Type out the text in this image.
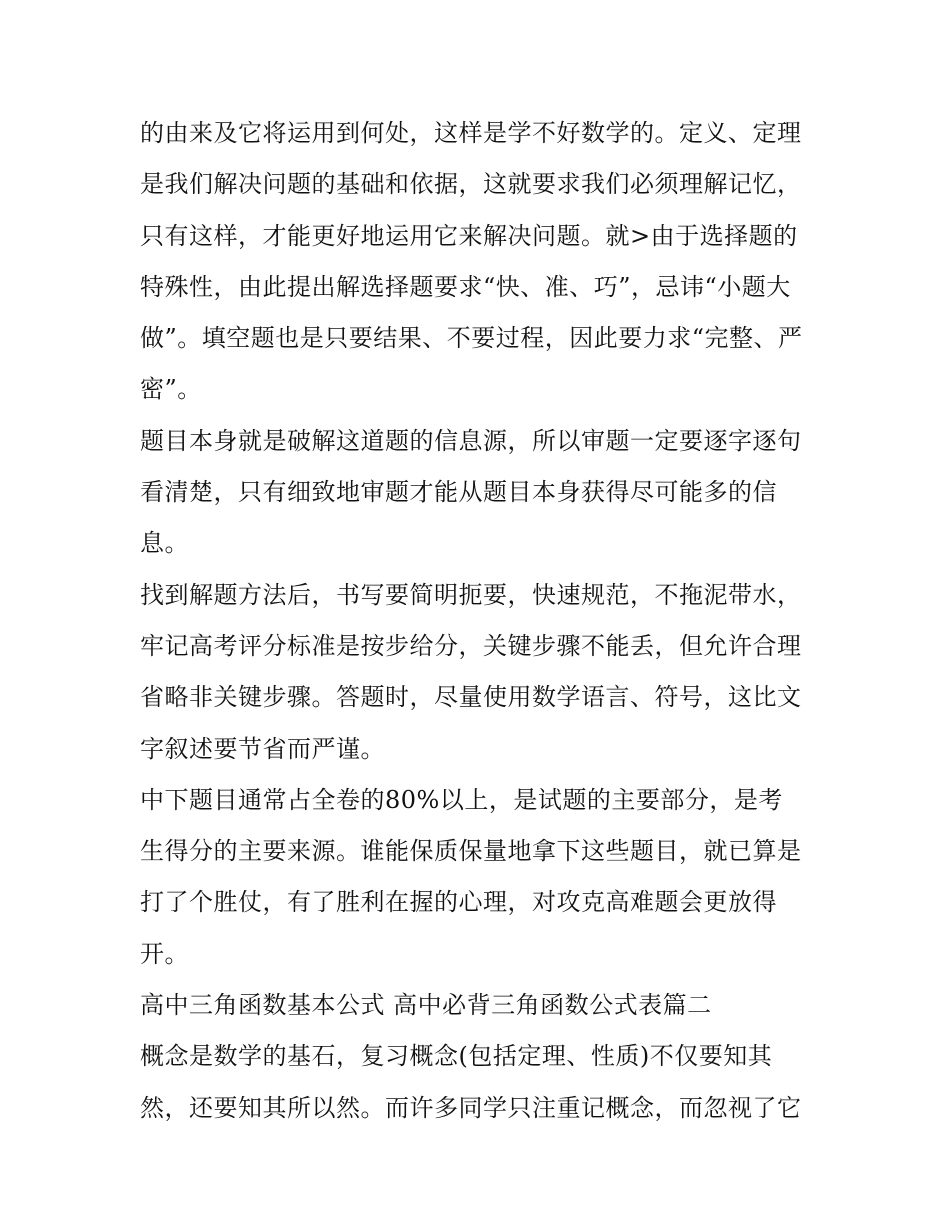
的由来及它将运用到何处，这样是学不好数学的。定义、定理
是我们解决问题的基础和依据，这就要求我们必须理解记忆，
只有这样，才能更好地运用它来解决问题。就>由于选择题的
特殊性，由此提出解选择题要求“快、准、巧”，忌讳“小题大
做”。填空题也是只要结果、不要过程，因此要力求“完整、严
密”。
题目本身就是破解这道题的信息源，所以审题一定要逐字逐句
看清楚，只有细致地审题才能从题目本身获得尽可能多的信
息。
找到解题方法后，书写要简明扼要，快速规范，不拖泥带水，
牢记高考评分标准是按步给分，关键步骤不能丢，但允许合理
省略非关键步骤。答题时，尽量使用数学语言、符号，这比文
字叙述要节省而严谨。
中下题目通常占全卷的80%以上，是试题的主要部分，是考
生得分的主要来源。谁能保质保量地拿下这些题目，就已算是
打了个胜仗，有了胜利在握的心理，对攻克高难题会更放得
开。
高中三角函数基本公式 高中必背三角函数公式表篇二
概念是数学的基石，复习概念(包括定理、性质)不仅要知其
然，还要知其所以然。而许多同学只注重记概念，而忽视了它
